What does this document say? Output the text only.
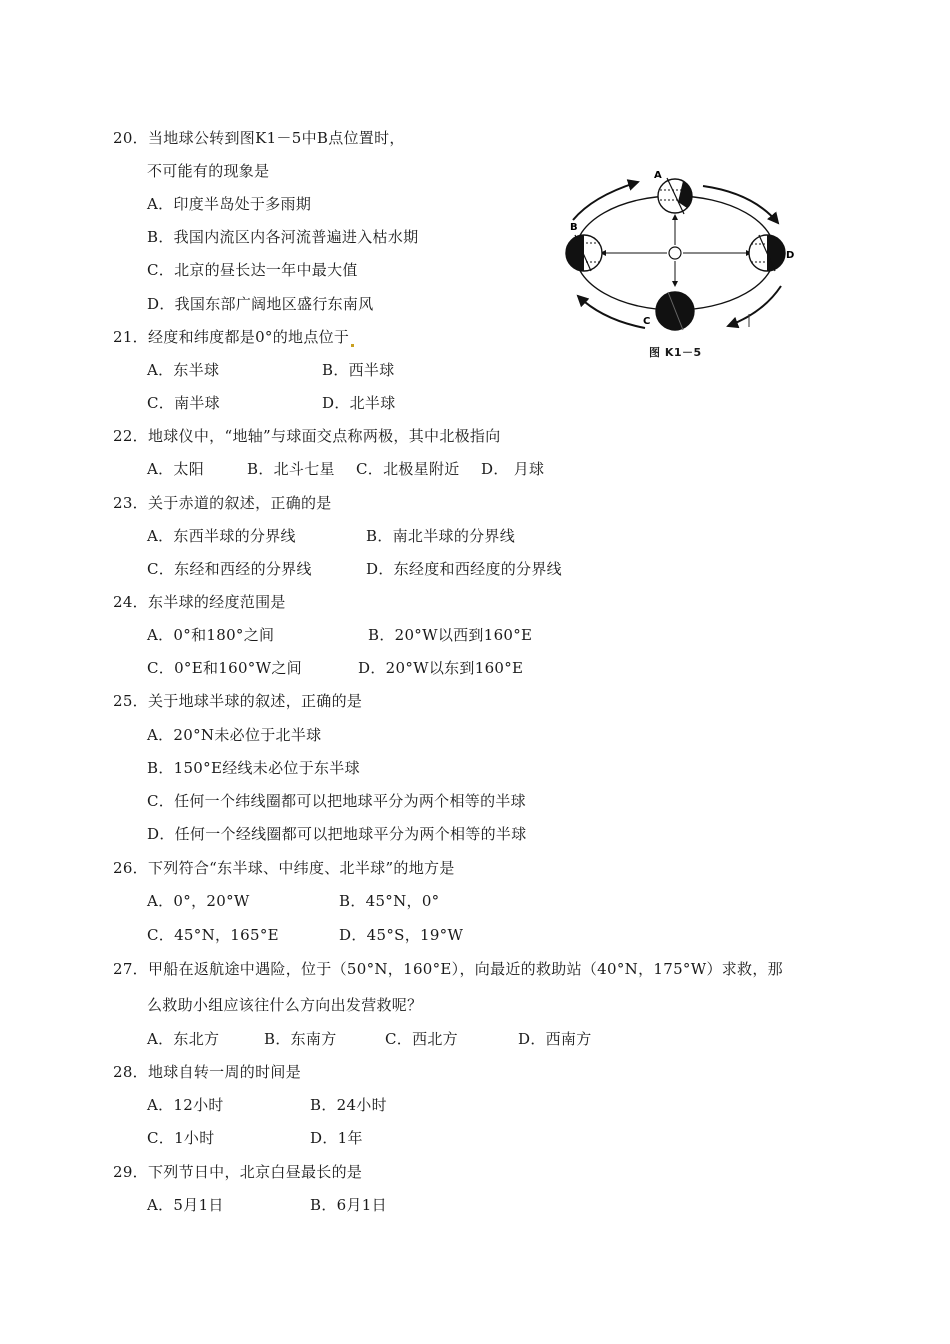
20．当地球公转到图K1－5中B点位置时，
不可能有的现象是
A．印度半岛处于多雨期
B．我国内流区内各河流普遍进入枯水期
C．北京的昼长达一年中最大值
D．我国东部广阔地区盛行东南风
A
B
C
D
图 K1－5
21．经度和纬度都是0°的地点位于
A．东半球	B．西半球
C．南半球	D．北半球
22．地球仪中，“地轴”与球面交点称两极，其中北极指向
A．太阳	B．北斗七星 C．北极星附近 D． 月球
23．关于赤道的叙述，正确的是
A．东西半球的分界线	B．南北半球的分界线
C．东经和西经的分界线	D．东经度和西经度的分界线
24．东半球的经度范围是
A．0°和180°之间	B．20°W以西到160°E
C．0°E和160°W之间	D．20°W以东到160°E
25．关于地球半球的叙述，正确的是
A．20°N未必位于北半球
B．150°E经线未必位于东半球
C．任何一个纬线圈都可以把地球平分为两个相等的半球
D．任何一个经线圈都可以把地球平分为两个相等的半球
26．下列符合“东半球、中纬度、北半球”的地方是
A．0°，20°W	B．45°N，0°
C．45°N，165°E	D．45°S，19°W
27．甲船在返航途中遇险，位于（50°N，160°E），向最近的救助站（40°N，175°W）求救，那
么救助小组应该往什么方向出发营救呢？
A．东北方	B．东南方	C．西北方	D．西南方
28．地球自转一周的时间是
A．12小时	B．24小时
C．1小时	D．1年
29．下列节日中，北京白昼最长的是
A．5月1日	B．6月1日
